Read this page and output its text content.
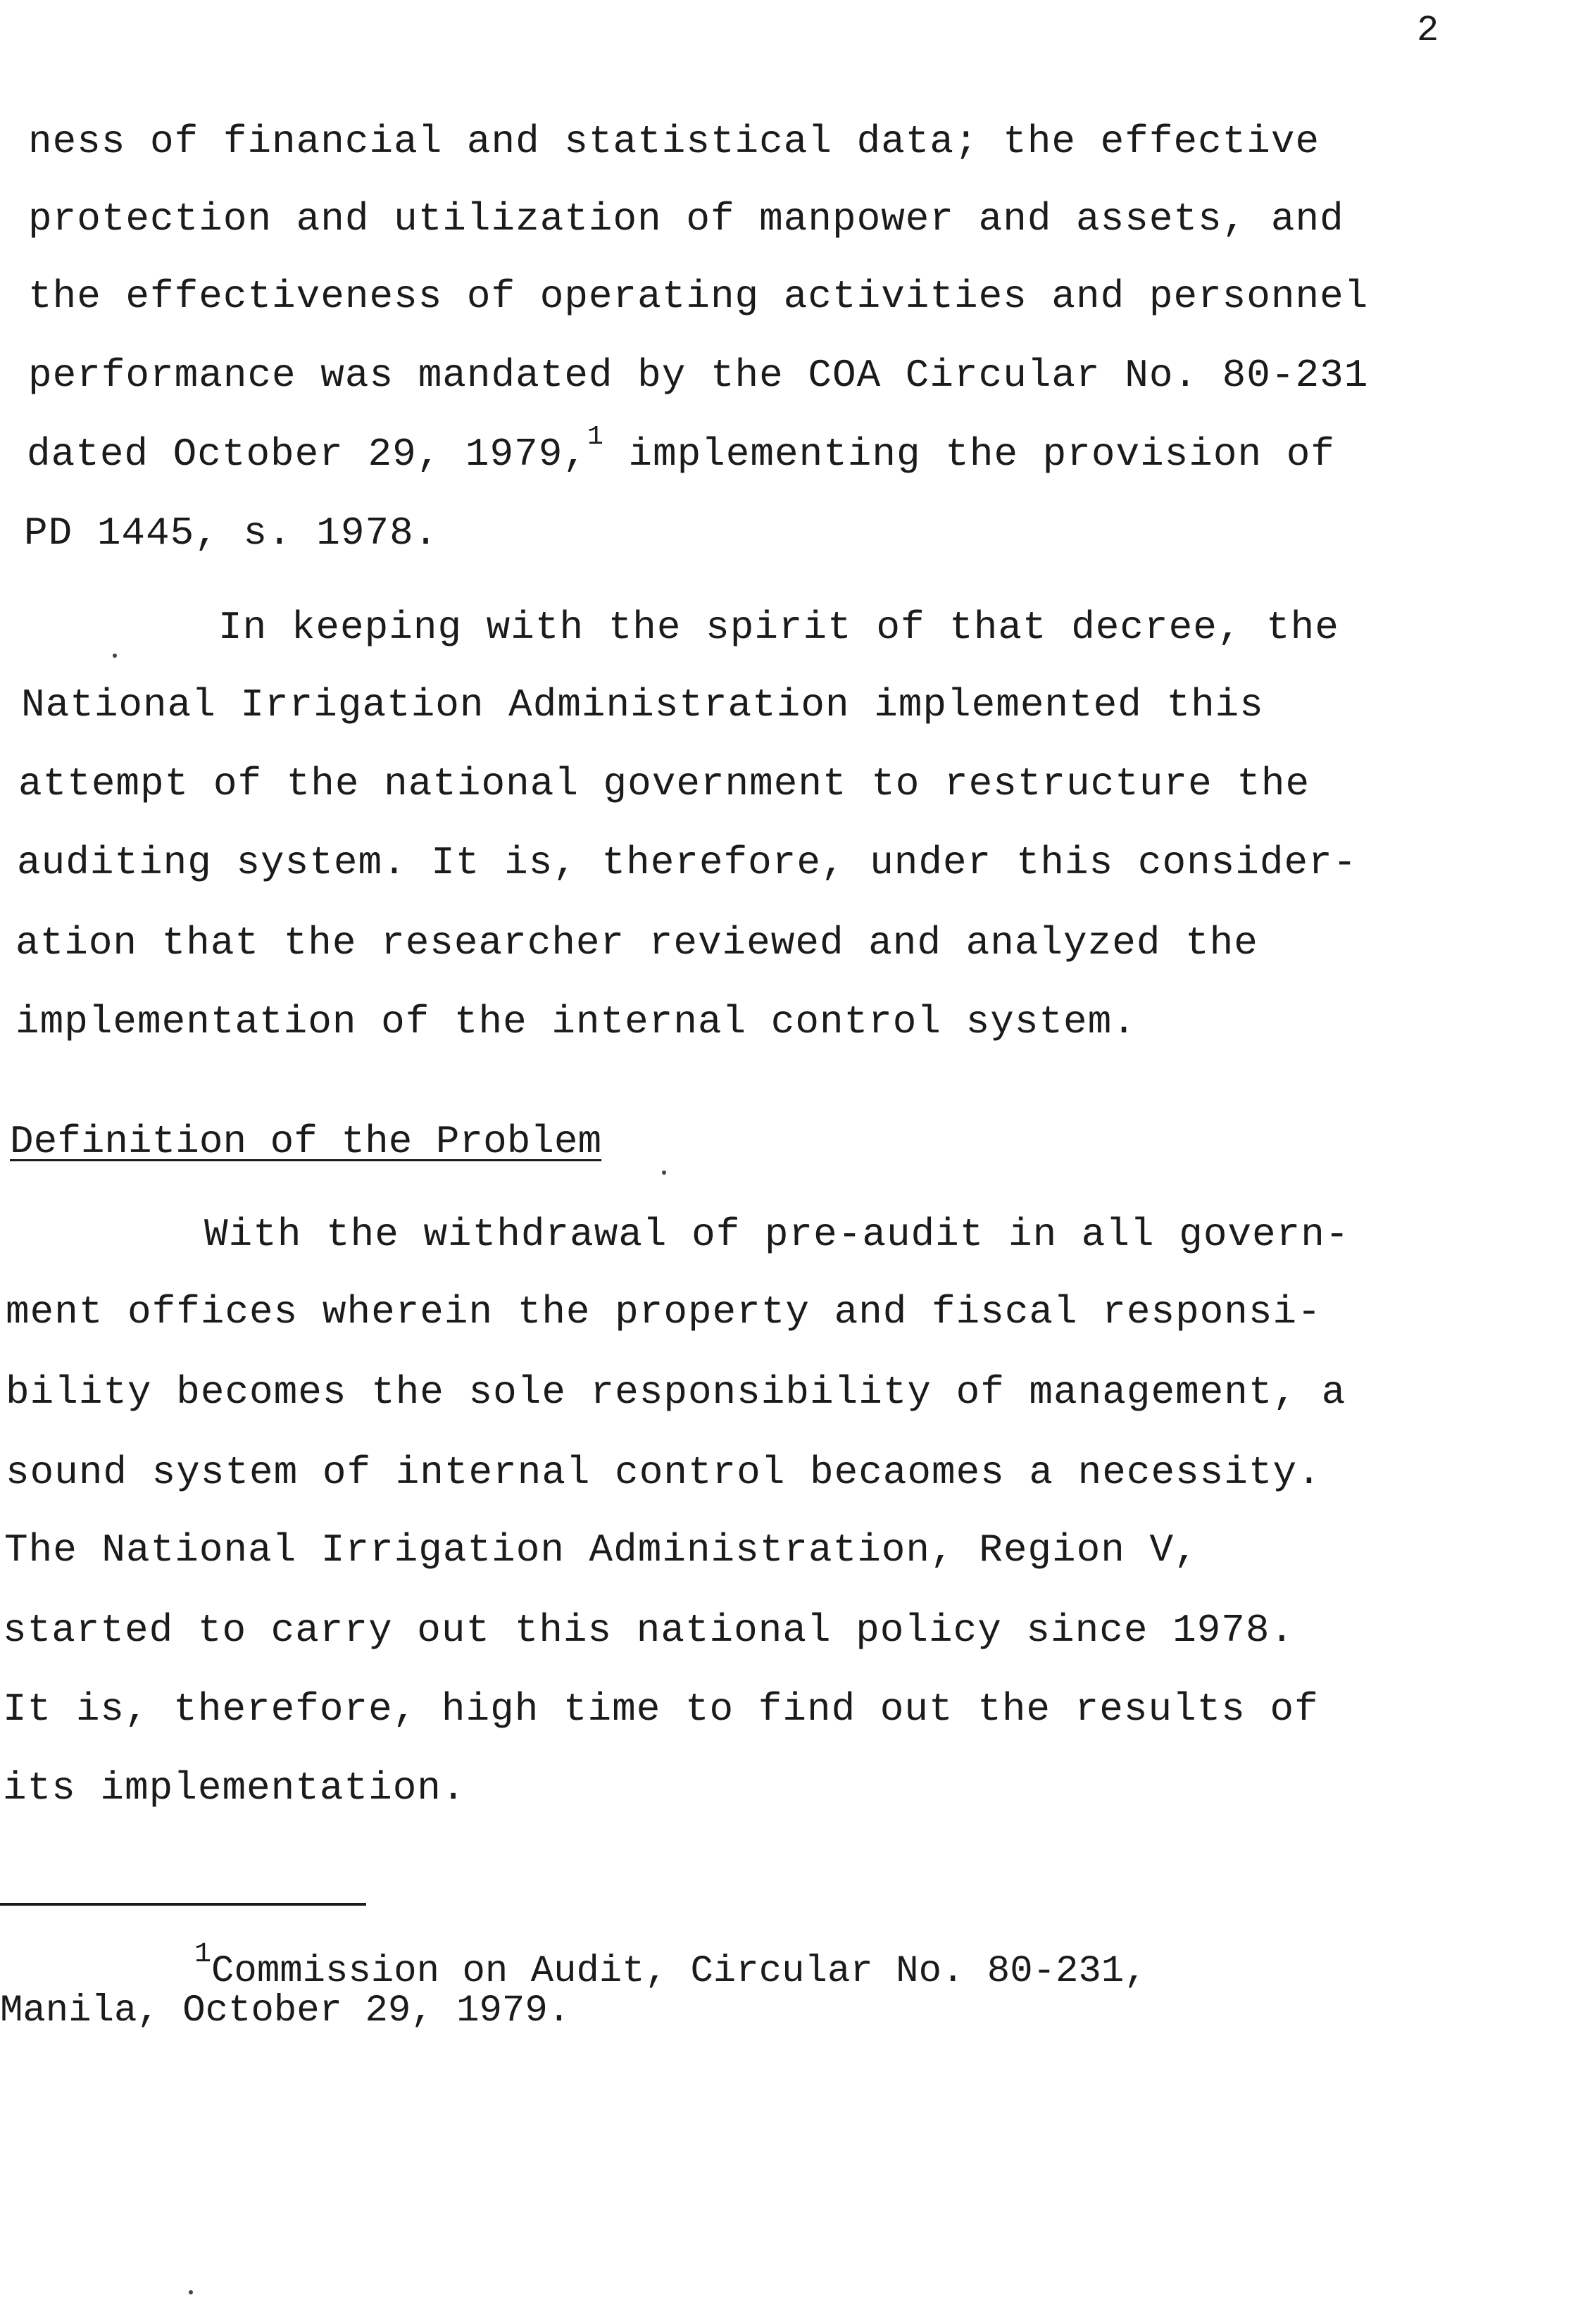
2
ness of financial and statistical data; the effective
protection and utilization of manpower and assets, and
the effectiveness of operating activities and personnel
performance was mandated by the COA Circular No. 80-231
dated October 29, 1979,$^1$ implementing the provision of
PD 1445, s. 1978.
In keeping with the spirit of that decree, the
National Irrigation Administration implemented this
attempt of the national government to restructure the
auditing system. It is, therefore, under this consider-
ation that the researcher reviewed and analyzed the
implementation of the internal control system.
Definition of the Problem
With the withdrawal of pre-audit in all govern-
ment offices wherein the property and fiscal responsi-
bility becomes the sole responsibility of management, a
sound system of internal control becaomes a necessity.
The National Irrigation Administration, Region V,
started to carry out this national policy since 1978.
It is, therefore, high time to find out the results of
its implementation.
$^1$Commission on Audit, Circular No. 80-231,
Manila, October 29, 1979.
